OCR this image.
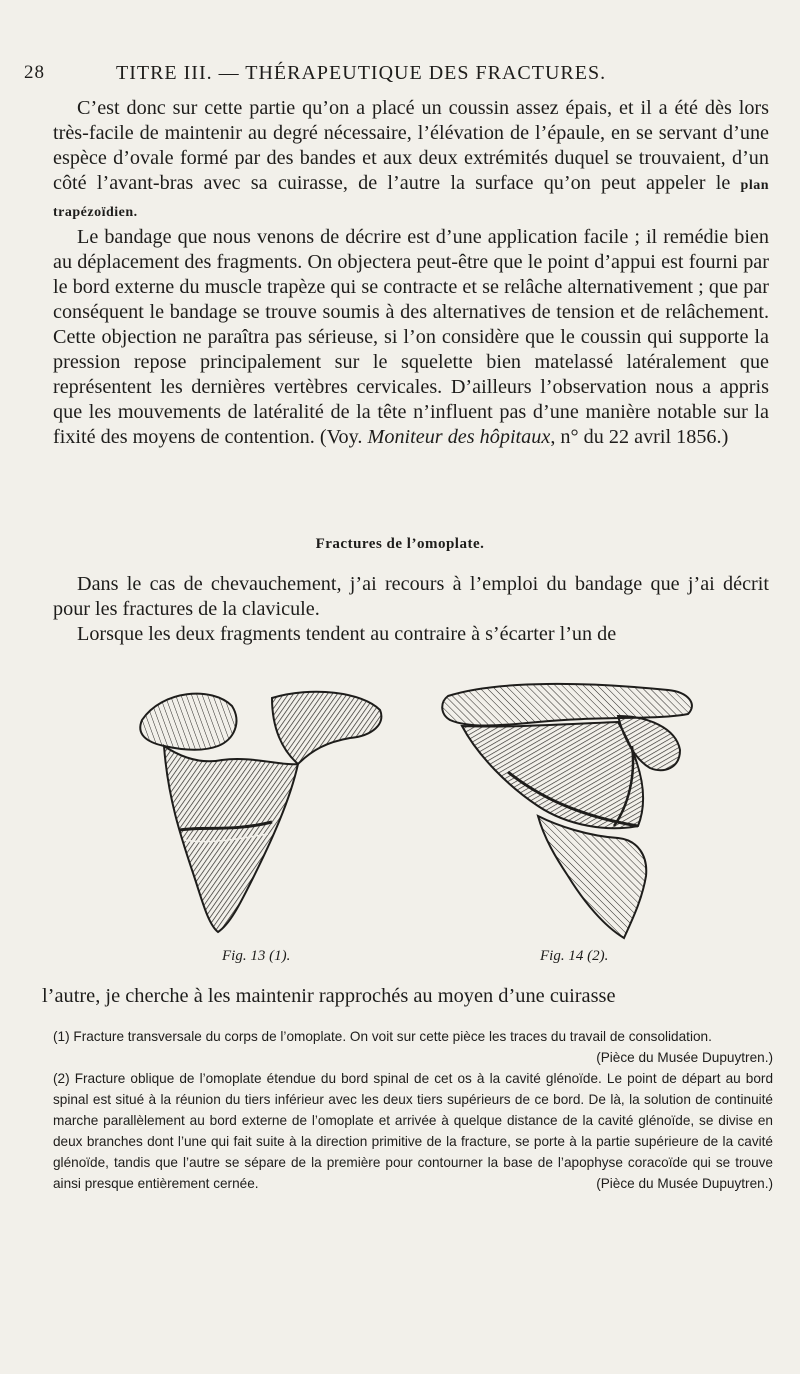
28	TITRE III. — THÉRAPEUTIQUE DES FRACTURES.

C’est donc sur cette partie qu’on a placé un coussin assez épais, et il a été dès lors très-facile de maintenir au degré nécessaire, l’élévation de l’épaule, en se servant d’une espèce d’ovale formé par des bandes et aux deux extrémités duquel se trouvaient, d’un côté l’avant-bras avec sa cuirasse, de l’autre la surface qu’on peut appeler le plan trapézoïdien.

Le bandage que nous venons de décrire est d’une application facile ; il remédie bien au déplacement des fragments. On objectera peut-être que le point d’appui est fourni par le bord externe du muscle trapèze qui se contracte et se relâche alternativement ; que par conséquent le bandage se trouve soumis à des alternatives de tension et de relâchement. Cette objection ne paraîtra pas sérieuse, si l’on considère que le coussin qui supporte la pression repose principalement sur le squelette bien matelassé latéralement que représentent les dernières vertèbres cervicales. D’ailleurs l’observation nous a appris que les mouvements de latéralité de la tête n’influent pas d’une manière notable sur la fixité des moyens de contention. (Voy. Moniteur des hôpitaux, n° du 22 avril 1856.)

Fractures de l’omoplate.

Dans le cas de chevauchement, j’ai recours à l’emploi du bandage que j’ai décrit pour les fractures de la clavicule.

Lorsque les deux fragments tendent au contraire à s’écarter l’un de

Fig. 13 (1).	Fig. 14 (2).
l’autre, je cherche à les maintenir rapprochés au moyen d’une cuirasse

(1) Fracture transversale du corps de l’omoplate. On voit sur cette pièce les traces du travail de consolidation.
(Pièce du Musée Dupuytren.)

(2) Fracture oblique de l’omoplate étendue du bord spinal de cet os à la cavité glénoïde. Le point de départ au bord spinal est situé à la réunion du tiers inférieur avec les deux tiers supérieurs de ce bord. De là, la solution de continuité marche parallèlement au bord externe de l’omoplate et arrivée à quelque distance de la cavité glénoïde, se divise en deux branches dont l’une qui fait suite à la direction primitive de la fracture, se porte à la partie supérieure de la cavité glénoïde, tandis que l’autre se sépare de la première pour contourner la base de l’apophyse coracoïde qui se trouve ainsi presque entièrement cernée.	(Pièce du Musée Dupuytren.)
